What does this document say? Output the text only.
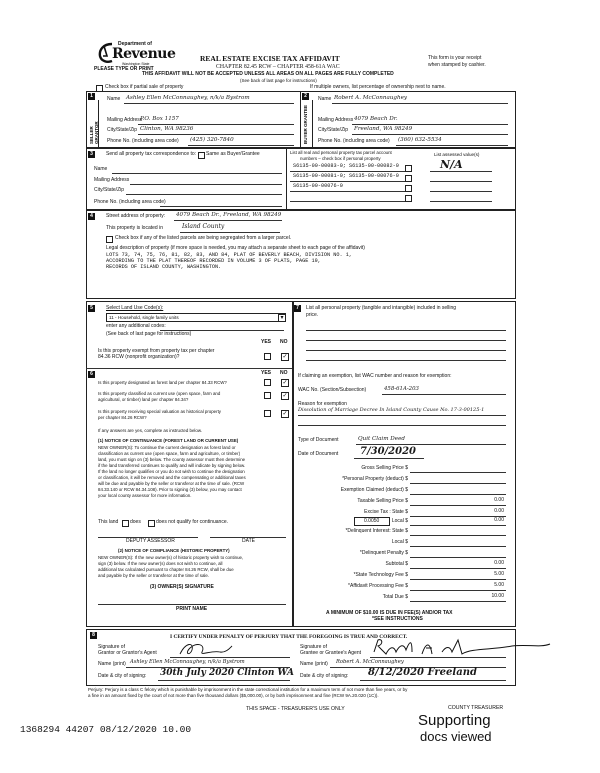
Department of
Revenue
Washington State
PLEASE TYPE OR PRINT
REAL ESTATE EXCISE TAX AFFIDAVIT
CHAPTER 82.45 RCW – CHAPTER 458-61A WAC
THIS AFFIDAVIT WILL NOT BE ACCEPTED UNLESS ALL AREAS ON ALL PAGES ARE FULLY COMPLETED
(See back of last page for instructions)
This form is your receipt
when stamped by cashier.
Check box if partial sale of property	If multiple owners, list percentage of ownership next to name.
1
SELLER GRANTOR
Name Ashley Ellen McConnaughey, n/k/a Bystrom
Mailing Address
P.O. Box 1157
City/State/Zip Clinton, WA 98236
Phone No. (including area code) (425) 320-7840
2
BUYER GRANTEE
Name Robert A. McConnaughey
Mailing Address 4079 Beach Dr.
City/State/Zip Freeland, WA 98249
Phone No. (including area code) (360) 632-5534
3	Send all property tax correspondence to: Same as Buyer/Grantee
Name
Mailing Address
City/State/Zip
Phone No. (including area code)
List all real and personal property tax parcel account
numbers – check box if personal property
List assessed value(s)
S6135-00-00083-0; S6135-00-00082-0
S6135-00-00081-0; S6135-00-00076-0
S6135-00-00076-0
N/A
4	Street address of property: 4079 Beach Dr., Freeland, WA 98249
This property is located in	Island County
Check box if any of the listed parcels are being segregated from a larger parcel.
Legal description of property (if more space is needed, you may attach a separate sheet to each page of the affidavit)
LOTS 73, 74, 75, 76, 81, 82, 83, AND 84, PLAT OF BEVERLY BEACH, DIVISION NO. 1,
ACCORDING TO THE PLAT THEREOF RECORDED IN VOLUME 3 OF PLATS, PAGE 19,
RECORDS OF ISLAND COUNTY, WASHINGTON.
5	Select Land Use Code(s):
11 - Household, single family units	▾
enter any additional codes:
(See back of last page for instructions)
YES NO
Is this property exempt from property tax per chapter
84.36 RCW (nonprofit organization)?	✓
6	YES NO
Is this property designated as forest land per chapter 84.33 RCW?	✓
Is this property classified as current use (open space, farm and
agricultural, or timber) land per chapter 84.34?
✓
Is this property receiving special valuation as historical property
per chapter 84.26 RCW?
✓
If any answers are yes, complete as instructed below.
(1) NOTICE OF CONTINUANCE (FOREST LAND OR CURRENT USE)
NEW OWNER(S): To continue the current designation as forest land or
classification as current use (open space, farm and agriculture, or timber)
land, you must sign on (3) below. The county assessor must then determine
if the land transferred continues to qualify and will indicate by signing below.
If the land no longer qualifies or you do not wish to continue the designation
or classification, it will be removed and the compensating or additional taxes
will be due and payable by the seller or transferor at the time of sale. (RCW
84.33.140 or RCW 84.34.108). Prior to signing (3) below, you may contact
your local county assessor for more information.
This land does	does not qualify for continuance.
DEPUTY ASSESSOR	DATE
(2) NOTICE OF COMPLIANCE (HISTORIC PROPERTY)
NEW OWNER(S): If the new owner(s) of historic property wish to continue,
sign (3) below. If the new owner(s) does not wish to continue, all
additional tax calculated pursuant to chapter 84.26 RCW, shall be due
and payable by the seller or transferor at the time of sale.
(3) OWNER(S) SIGNATURE
PRINT NAME
7	List all personal property (tangible and intangible) included in selling
price.
If claiming an exemption, list WAC number and reason for exemption:
WAC No. (Section/Subsection)	458-61A-203
Reason for exemption
Dissolution of Marriage Decree In Island County Cause No. 17-3-00125-1
Type of Document	Quit Claim Deed
Date of Document 7/30/2020
Gross Selling Price $
*Personal Property (deduct) $
Exemption Claimed (deduct) $
Taxable Selling Price $	0.00
Excise Tax : State $	0.00
0.0050	Local $	0.00
*Delinquent Interest: State $
Local $
*Delinquent Penalty $
Subtotal $	0.00
*State Technology Fee $	5.00
*Affidavit Processing Fee $	5.00
Total Due $	10.00
A MINIMUM OF $10.00 IS DUE IN FEE(S) AND/OR TAX
*SEE INSTRUCTIONS
8	I CERTIFY UNDER PENALTY OF PERJURY THAT THE FOREGOING IS TRUE AND CORRECT.
Signature of
Grantor or Grantor's Agent
Name (print) Ashley Ellen McConnaughey, n/k/a Bystrom
Date & city of signing: 30th July 2020 Clinton WA
Signature of
Grantee or Grantee's Agent
Name (print) Robert A. McConnaughey
Date & city of signing: 8/12/2020 Freeland
Perjury: Perjury is a class C felony which is punishable by imprisonment in the state correctional institution for a maximum term of not more than five years, or by
a fine in an amount fixed by the court of not more than five thousand dollars ($5,000.00), or by both imprisonment and fine (RCW 9A.20.020 (1C)).
THIS SPACE - TREASURER'S USE ONLY	COUNTY TREASURER
1368294 44207 08/12/2020 10.00
Supporting
docs viewed
